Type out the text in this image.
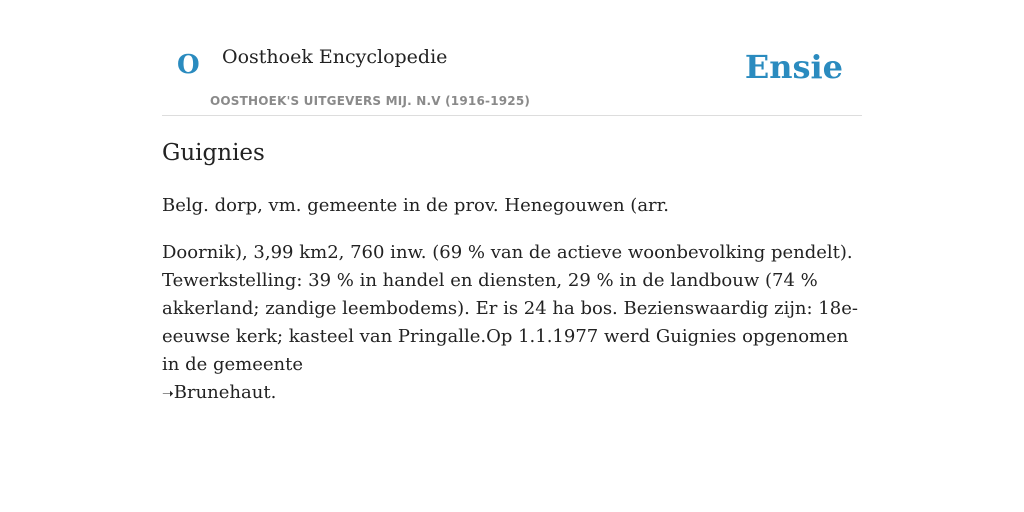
O Oosthoek Encyclopedie
OOSTHOEK'S UITGEVERS MIJ. N.V (1916-1925)
Ensie
Guignies

Belg. dorp, vm. gemeente in de prov. Henegouwen (arr.

Doornik), 3,99 km2, 760 inw. (69 % van de actieve woonbevolking pendelt). Tewerkstelling: 39 % in handel en diensten, 29 % in de landbouw (74 % akkerland; zandige leembodems). Er is 24 ha bos. Bezienswaardig zijn: 18e-eeuwse kerk; kasteel van Pringalle.Op 1.1.1977 werd Guignies opgenomen in de gemeente
➝Brunehaut.
